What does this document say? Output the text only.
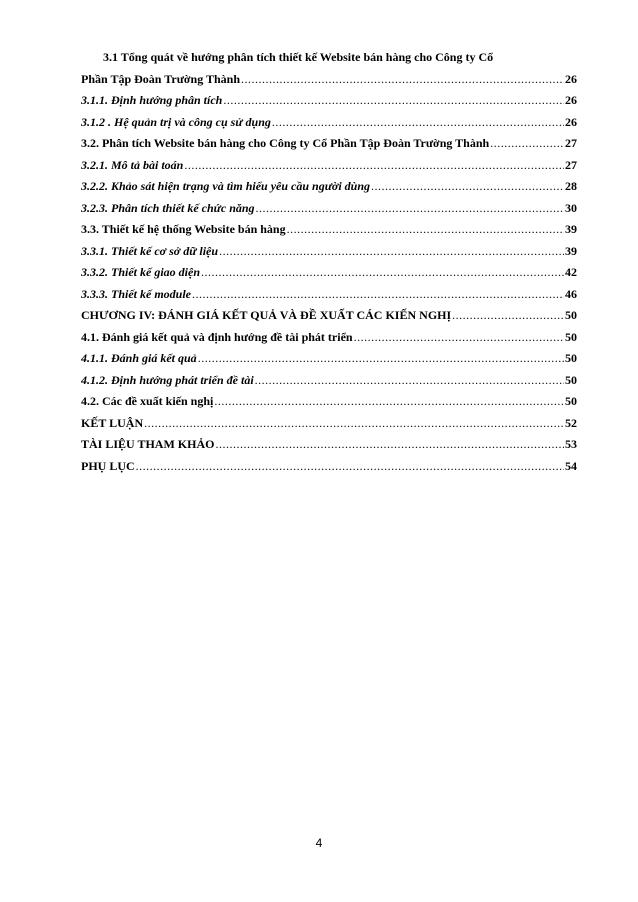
3.1 Tổng quát về hướng phân tích thiết kế Website bán hàng cho Công ty Cổ
Phần Tập Đoàn Trường Thành .....	26
3.1.1. Định hướng phân tích .....	26
3.1.2 . Hệ quản trị và công cụ sử dụng .....	26
3.2. Phân tích Website bán hàng cho Công ty Cổ Phần Tập Đoàn Trường Thành .....	27
3.2.1. Mô tả bài toán .....	27
3.2.2. Khảo sát hiện trạng và tìm hiểu yêu cầu người dùng .....	28
3.2.3. Phân tích thiết kế chức năng .....	30
3.3. Thiết kế hệ thống Website bán hàng .....	39
3.3.1. Thiết kế cơ sở dữ liệu .....	39
3.3.2. Thiết kế giao diện .....	42
3.3.3. Thiết kế module .....	46
CHƯƠNG IV: ĐÁNH GIÁ KẾT QUẢ VÀ ĐỀ XUẤT CÁC KIẾN NGHỊ .....	50
4.1. Đánh giá kết quả và định hướng đề tài phát triển .....	50
4.1.1. Đánh giá kết quả .....	50
4.1.2. Định hướng phát triển đề tài .....	50
4.2. Các đề xuất kiến nghị .....	50
KẾT LUẬN .....	52
TÀI LIỆU THAM KHẢO .....	53
PHỤ LỤC .....	54
4
